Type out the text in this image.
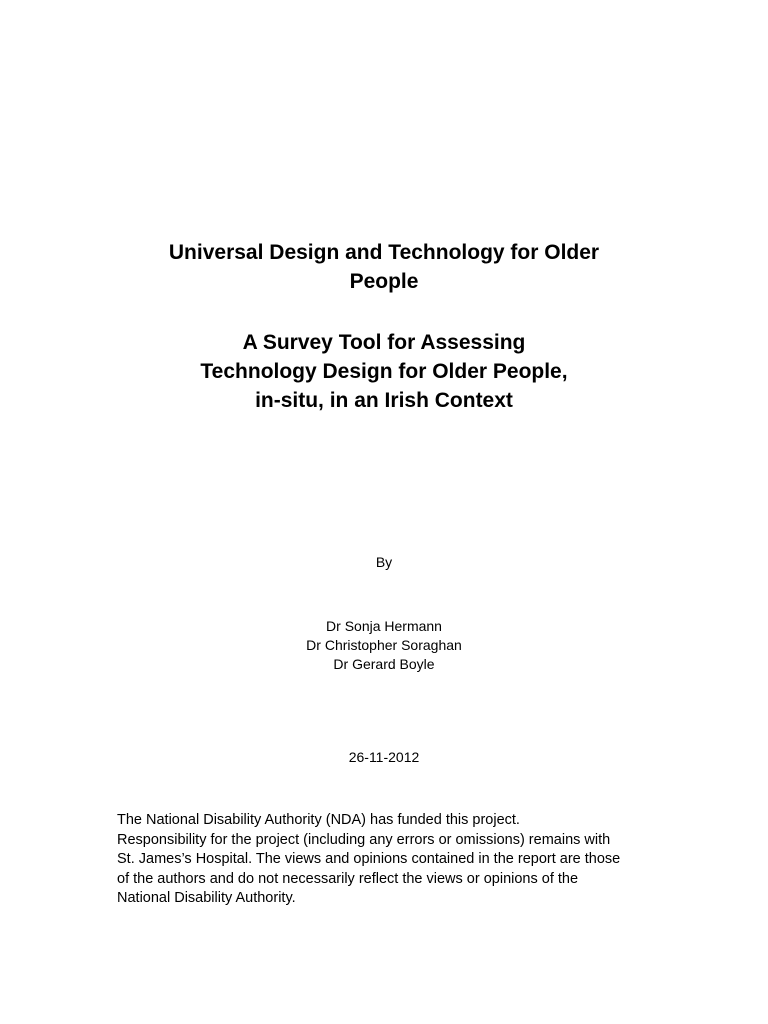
Universal Design and Technology for Older
People
A Survey Tool for Assessing
Technology Design for Older People,
in-situ, in an Irish Context

By

Dr Sonja Hermann
Dr Christopher Soraghan
Dr Gerard Boyle

26-11-2012

The National Disability Authority (NDA) has funded this project.
Responsibility for the project (including any errors or omissions) remains with
St. James’s Hospital. The views and opinions contained in the report are those
of the authors and do not necessarily reflect the views or opinions of the
National Disability Authority.
